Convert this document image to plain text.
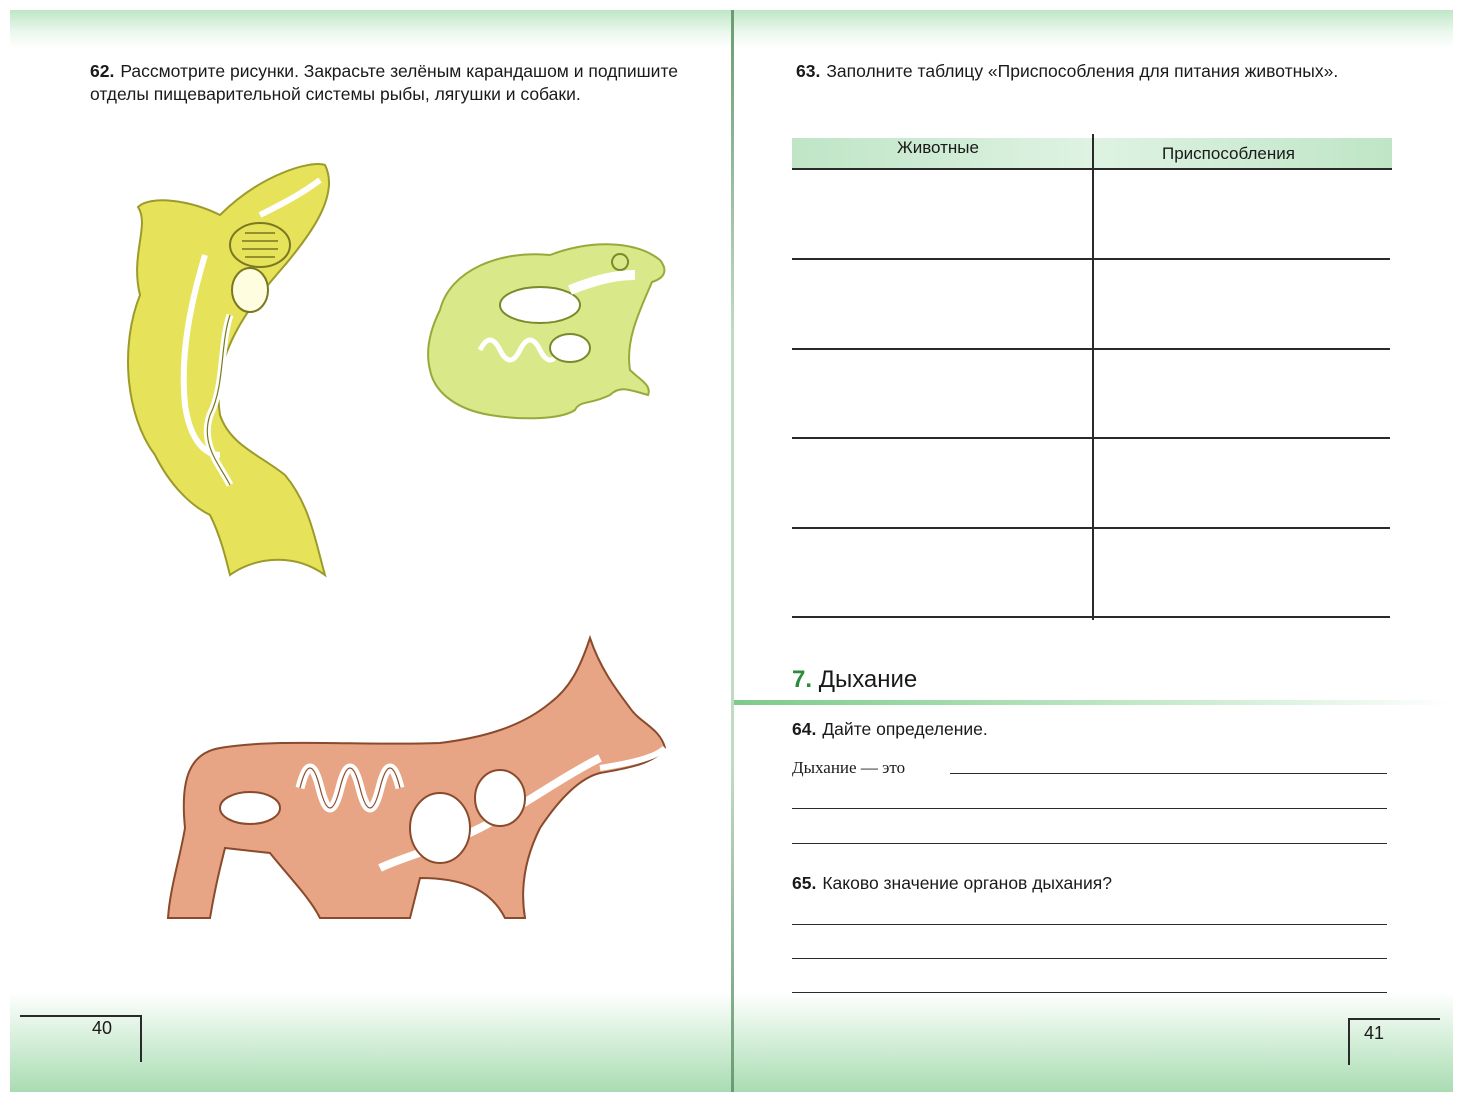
62. Рассмотрите рисунки. Закрасьте зелёным карандашом и подпишите отделы пищеварительной системы рыбы, лягушки и собаки.
40
63. Заполните таблицу «Приспособления для питания животных».
Животные	Приспособления
7. Дыхание
64. Дайте определение.
Дыхание — это
65. Каково значение органов дыхания?
41
